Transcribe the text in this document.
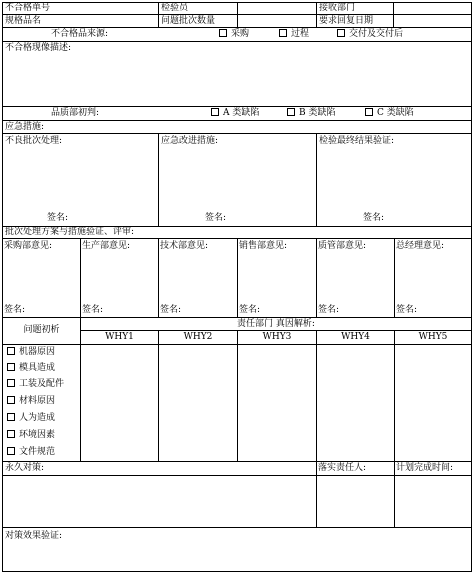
不合格单号	检验员	接收部门
规格品名	问题批次数量	要求回复日期
不合格品来源:	采购	过程	交付及交付后
不合格现像描述:
品质部初判:	A 类缺陷	B 类缺陷	C 类缺陷
应急措施:
不良批次处理:
签名:
应急改进措施:
签名:
检验最终结果验证:
签名:
批次处理方案与措施验证、评审:
采购部意见:
签名:
生产部意见:
签名:
技术部意见:
签名:
销售部意见:
签名:
质管部意见:
签名:
总经理意见:
签名:
问题初析
责任部门 真因解析:
WHY1	WHY2	WHY3	WHY4	WHY5
机器原因
模具造成
工装及配件
材料原因
人为造成
环境因素
文件规范
永久对策:	落实责任人:	计划完成时间:
对策效果验证:
